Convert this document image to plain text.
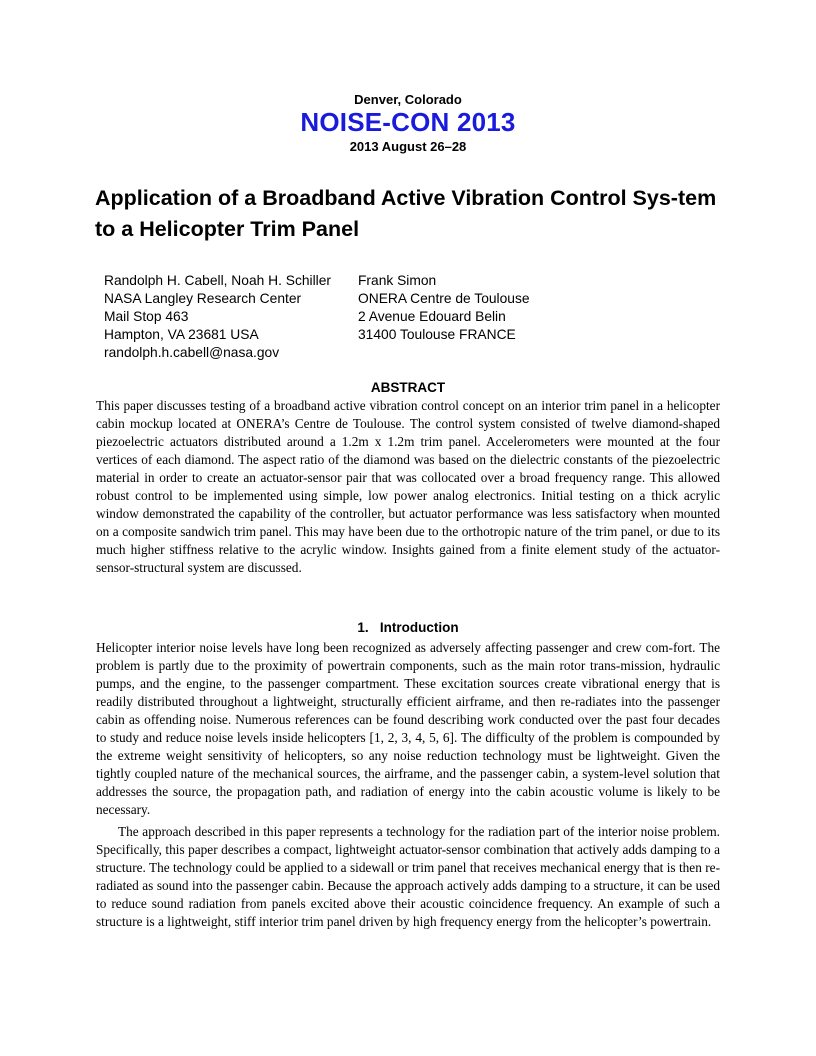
Denver, Colorado
NOISE-CON 2013
2013 August 26–28
Application of a Broadband Active Vibration Control Sys-tem to a Helicopter Trim Panel
Randolph H. Cabell, Noah H. Schiller
NASA Langley Research Center
Mail Stop 463
Hampton, VA 23681 USA
randolph.h.cabell@nasa.gov
Frank Simon
ONERA Centre de Toulouse
2 Avenue Edouard Belin
31400 Toulouse FRANCE
ABSTRACT

This paper discusses testing of a broadband active vibration control concept on an interior trim panel in a helicopter cabin mockup located at ONERA’s Centre de Toulouse. The control system consisted of twelve diamond-shaped piezoelectric actuators distributed around a 1.2m x 1.2m trim panel. Accelerometers were mounted at the four vertices of each diamond. The aspect ratio of the diamond was based on the dielectric constants of the piezoelectric material in order to create an actuator-sensor pair that was collocated over a broad frequency range. This allowed robust control to be implemented using simple, low power analog electronics. Initial testing on a thick acrylic window demonstrated the capability of the controller, but actuator performance was less satisfactory when mounted on a composite sandwich trim panel. This may have been due to the orthotropic nature of the trim panel, or due to its much higher stiffness relative to the acrylic window. Insights gained from a finite element study of the actuator-sensor-structural system are discussed.

1.   Introduction

Helicopter interior noise levels have long been recognized as adversely affecting passenger and crew com-fort. The problem is partly due to the proximity of powertrain components, such as the main rotor trans-mission, hydraulic pumps, and the engine, to the passenger compartment. These excitation sources create vibrational energy that is readily distributed throughout a lightweight, structurally efficient airframe, and then re-radiates into the passenger cabin as offending noise. Numerous references can be found describing work conducted over the past four decades to study and reduce noise levels inside helicopters [1, 2, 3, 4, 5, 6]. The difficulty of the problem is compounded by the extreme weight sensitivity of helicopters, so any noise reduction technology must be lightweight. Given the tightly coupled nature of the mechanical sources, the airframe, and the passenger cabin, a system-level solution that addresses the source, the propagation path, and radiation of energy into the cabin acoustic volume is likely to be necessary.

The approach described in this paper represents a technology for the radiation part of the interior noise problem. Specifically, this paper describes a compact, lightweight actuator-sensor combination that actively adds damping to a structure. The technology could be applied to a sidewall or trim panel that receives mechanical energy that is then re-radiated as sound into the passenger cabin. Because the approach actively adds damping to a structure, it can be used to reduce sound radiation from panels excited above their acoustic coincidence frequency. An example of such a structure is a lightweight, stiff interior trim panel driven by high frequency energy from the helicopter’s powertrain.
